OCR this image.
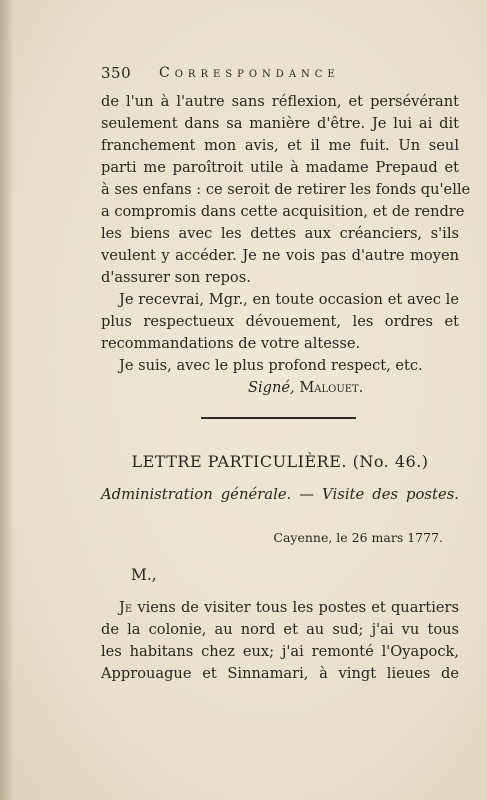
350 Correspondance
de l'un à l'autre sans réflexion, et persévérant
seulement dans sa manière d'être. Je lui ai dit
franchement mon avis, et il me fuit. Un seul
parti me paroîtroit utile à madame Prepaud et
à ses enfans : ce seroit de retirer les fonds qu'elle
a compromis dans cette acquisition, et de rendre
les biens avec les dettes aux créanciers, s'ils
veulent y accéder. Je ne vois pas d'autre moyen
d'assurer son repos.
Je recevrai, Mgr., en toute occasion et avec le
plus respectueux dévouement, les ordres et
recommandations de votre altesse.
Je suis, avec le plus profond respect, etc.
Signé, Malouet.
LETTRE PARTICULIÈRE. (No. 46.)
Administration générale. — Visite des postes.
Cayenne, le 26 mars 1777.
M.,
Je viens de visiter tous les postes et quartiers
de la colonie, au nord et au sud; j'ai vu tous
les habitans chez eux; j'ai remonté l'Oyapock,
Approuague et Sinnamari, à vingt lieues de
